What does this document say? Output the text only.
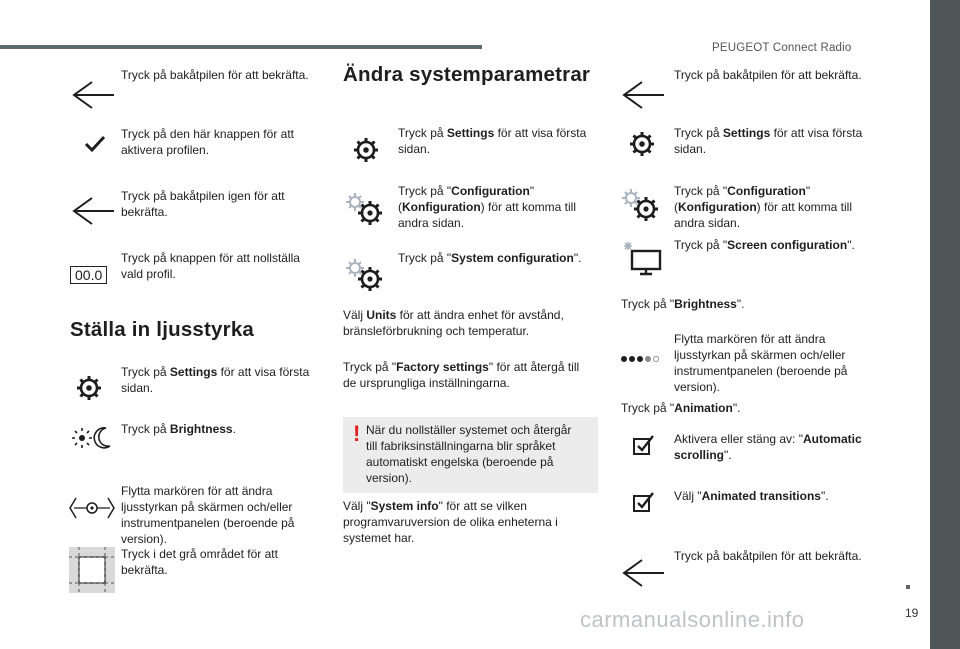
PEUGEOT Connect Radio
19
carmanualsonline.info
Tryck på bakåtpilen för att bekräfta.
Tryck på den här knappen för att aktivera profilen.
Tryck på bakåtpilen igen för att bekräfta.
00.0
Tryck på knappen för att nollställa vald profil.
Ställa in ljusstyrka
Tryck på Settings för att visa första sidan.
Tryck på Brightness.
Flytta markören för att ändra ljusstyrkan på skärmen och/eller instrumentpanelen (beroende på version).
Tryck i det grå området för att bekräfta.
Ändra systemparametrar
Tryck på Settings för att visa första sidan.
Tryck på "Configuration" (Konfiguration) för att komma till andra sidan.
Tryck på "System configuration".
Välj Units för att ändra enhet för avstånd, bränsleförbrukning och temperatur.
Tryck på "Factory settings" för att återgå till de ursprungliga inställningarna.
! När du nollställer systemet och återgår till fabriksinställningarna blir språket automatiskt engelska (beroende på version).
Välj "System info" för att se vilken programvaruversion de olika enheterna i systemet har.
Tryck på bakåtpilen för att bekräfta.
Tryck på Settings för att visa första sidan.
Tryck på "Configuration" (Konfiguration) för att komma till andra sidan.
Tryck på "Screen configuration".
Tryck på "Brightness".
Flytta markören för att ändra ljusstyrkan på skärmen och/eller instrumentpanelen (beroende på version).
Tryck på "Animation".
Aktivera eller stäng av: "Automatic scrolling".
Välj "Animated transitions".
Tryck på bakåtpilen för att bekräfta.
